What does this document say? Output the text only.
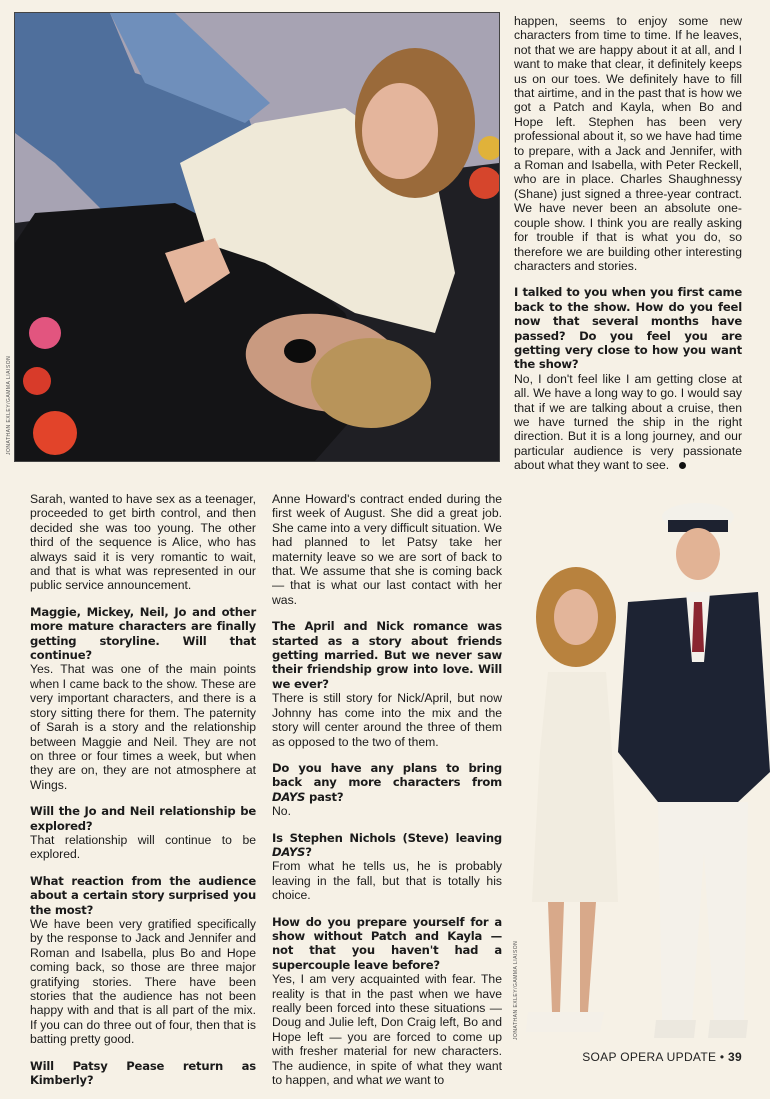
JONATHAN EXLEY/GAMMA LIAISON
JONATHAN EXLEY/GAMMA LIAISON

happen, seems to enjoy some new characters from time to time. If he leaves, not that we are happy about it at all, and I want to make that clear, it definitely keeps us on our toes. We definitely have to fill that airtime, and in the past that is how we got a Patch and Kayla, when Bo and Hope left. Stephen has been very professional about it, so we have had time to prepare, with a Jack and Jennifer, with a Roman and Isabella, with Peter Reckell, who are in place. Charles Shaughnessy (Shane) just signed a three-year contract. We have never been an absolute one-couple show. I think you are really asking for trouble if that is what you do, so therefore we are building other interesting characters and stories.

I talked to you when you first came back to the show. How do you feel now that several months have passed? Do you feel you are getting very close to how you want the show?
No, I don't feel like I am getting close at all. We have a long way to go. I would say that if we are talking about a cruise, then we have turned the ship in the right direction. But it is a long journey, and our particular audience is very passionate about what they want to see.

Sarah, wanted to have sex as a teenager, proceeded to get birth control, and then decided she was too young. The other third of the sequence is Alice, who has always said it is very romantic to wait, and that is what was represented in our public service announcement.

Maggie, Mickey, Neil, Jo and other more mature characters are finally getting storyline. Will that continue?
Yes. That was one of the main points when I came back to the show. These are very important characters, and there is a story sitting there for them. The paternity of Sarah is a story and the relationship between Maggie and Neil. They are not on three or four times a week, but when they are on, they are not atmosphere at Wings.

Will the Jo and Neil relationship be explored?
That relationship will continue to be explored.

What reaction from the audience about a certain story surprised you the most?
We have been very gratified specifically by the response to Jack and Jennifer and Roman and Isabella, plus Bo and Hope coming back, so those are three major gratifying stories. There have been stories that the audience has not been happy with and that is all part of the mix. If you can do three out of four, then that is batting pretty good.

Will Patsy Pease return as Kimberly?

Anne Howard's contract ended during the first week of August. She did a great job. She came into a very difficult situation. We had planned to let Patsy take her maternity leave so we are sort of back to that. We assume that she is coming back — that is what our last contact with her was.

The April and Nick romance was started as a story about friends getting married. But we never saw their friendship grow into love. Will we ever?
There is still story for Nick/April, but now Johnny has come into the mix and the story will center around the three of them as opposed to the two of them.

Do you have any plans to bring back any more characters from DAYS past?
No.

Is Stephen Nichols (Steve) leaving DAYS?
From what he tells us, he is probably leaving in the fall, but that is totally his choice.

How do you prepare yourself for a show without Patch and Kayla — not that you haven't had a supercouple leave before?
Yes, I am very acquainted with fear. The reality is that in the past when we have really been forced into these situations — Doug and Julie left, Don Craig left, Bo and Hope left — you are forced to come up with fresher material for new characters. The audience, in spite of what they want to happen, and what we want to

SOAP OPERA UPDATE • 39
